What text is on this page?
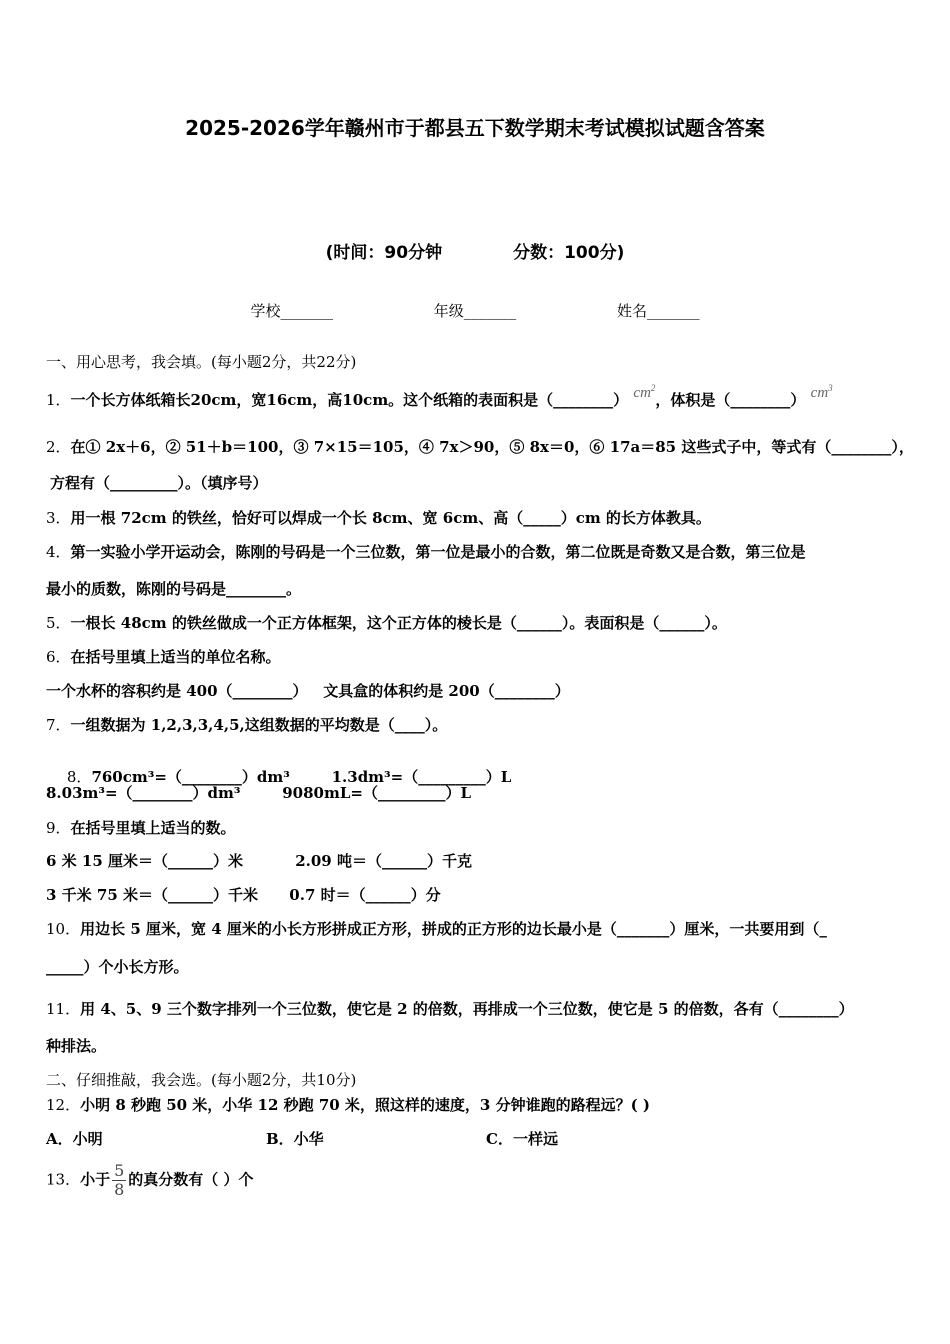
2025-2026学年赣州市于都县五下数学期末考试模拟试题含答案
(时间：90分钟            分数：100分)
学校_______	年级_______	姓名_______
一、用心思考，我会填。(每小题2分，共22分)
1．一个长方体纸箱长20cm，宽16cm，高10cm。这个纸箱的表面积是（________） $cm^2$，体积是（________） $cm^3$
2．在① 2x＋6，② 51＋b＝100，③ 7×15＝105，④ 7x＞90，⑤ 8x＝0，⑥ 17a＝85 这些式子中，等式有（________），
方程有（_________）。（填序号）
3．用一根 72cm 的铁丝，恰好可以焊成一个长 8cm、宽 6cm、高（_____）cm 的长方体教具。
4．第一实验小学开运动会，陈刚的号码是一个三位数，第一位是最小的合数，第二位既是奇数又是合数，第三位是
最小的质数，陈刚的号码是________。
5．一根长 48cm 的铁丝做成一个正方体框架，这个正方体的棱长是（______）。表面积是（______）。
6．在括号里填上适当的单位名称。
一个水杯的容积约是 400（________）   文具盒的体积约是 200（________）
7．一组数据为 1,2,3,3,4,5,这组数据的平均数是（____）。

8．760cm³=（________）dm³        1.3dm³=（_________）L

8.03m³=（________）dm³        9080mL=（_________）L
9．在括号里填上适当的数。
6 米 15 厘米＝（______）米          2.09 吨＝（______）千克
3 千米 75 米＝（______）千米      0.7 时＝（______）分
10．用边长 5 厘米，宽 4 厘米的小长方形拼成正方形，拼成的正方形的边长最小是（_______）厘米，一共要用到（_
_____）个小长方形。
11．用 4、5、9 三个数字排列一个三位数，使它是 2 的倍数，再排成一个三位数，使它是 5 的倍数，各有（________）
种排法。
二、仔细推敲，我会选。(每小题2分，共10分)
12．小明 8 秒跑 50 米，小华 12 秒跑 70 米，照这样的速度，3 分钟谁跑的路程远？( )
A．小明	B．小华	C．一样远
13．小于 $\frac{5}{8}$ 的真分数有（ ）个
